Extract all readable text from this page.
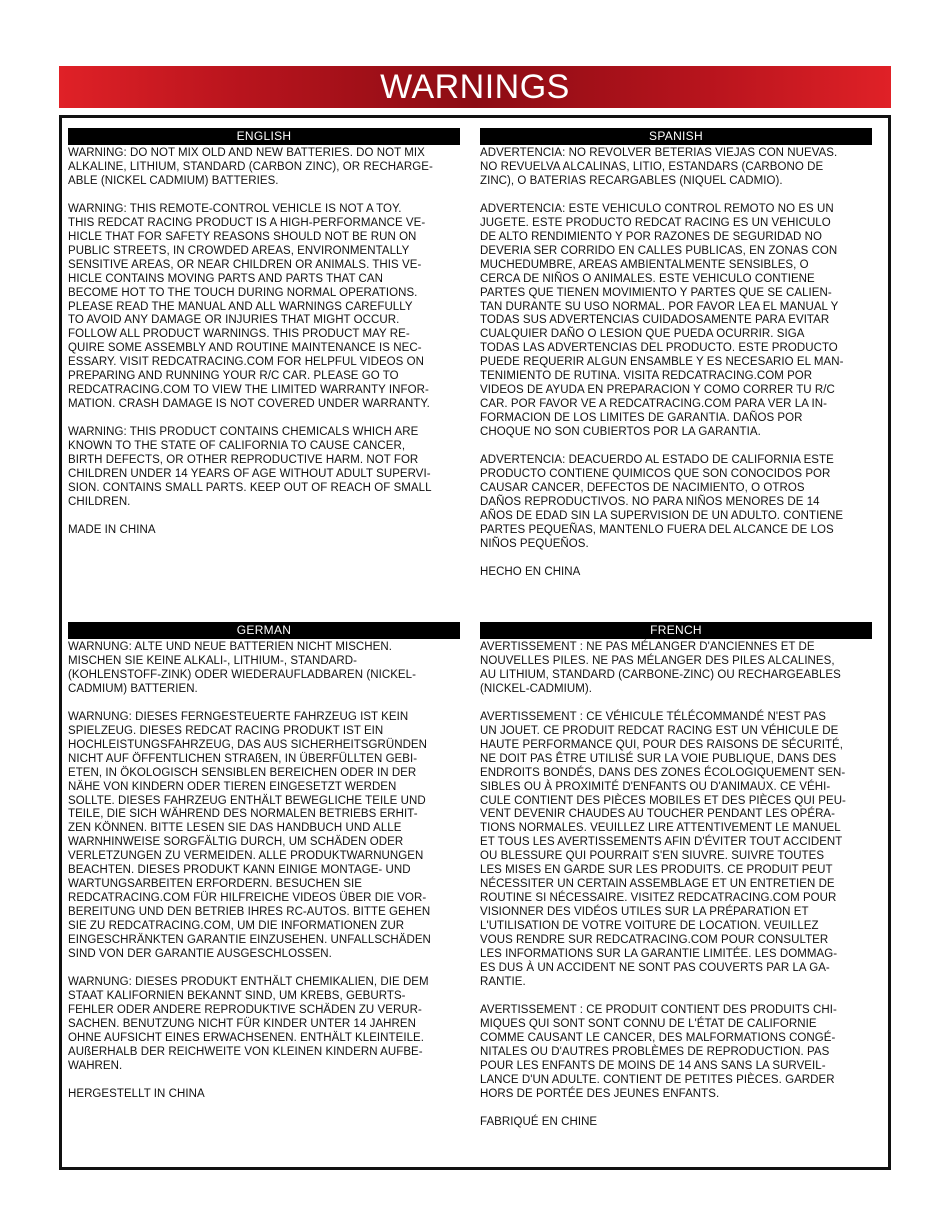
WARNINGS
ENGLISH
WARNING: DO NOT MIX OLD AND NEW BATTERIES. DO NOT MIX
ALKALINE, LITHIUM, STANDARD (CARBON ZINC), OR RECHARGE-
ABLE (NICKEL CADMIUM) BATTERIES.
WARNING: THIS REMOTE-CONTROL VEHICLE IS NOT A TOY.
THIS REDCAT RACING PRODUCT IS A HIGH-PERFORMANCE VE-
HICLE THAT FOR SAFETY REASONS SHOULD NOT BE RUN ON
PUBLIC STREETS, IN CROWDED AREAS, ENVIRONMENTALLY
SENSITIVE AREAS, OR NEAR CHILDREN OR ANIMALS. THIS VE-
HICLE CONTAINS MOVING PARTS AND PARTS THAT CAN
BECOME HOT TO THE TOUCH DURING NORMAL OPERATIONS.
PLEASE READ THE MANUAL AND ALL WARNINGS CAREFULLY
TO AVOID ANY DAMAGE OR INJURIES THAT MIGHT OCCUR.
FOLLOW ALL PRODUCT WARNINGS. THIS PRODUCT MAY RE-
QUIRE SOME ASSEMBLY AND ROUTINE MAINTENANCE IS NEC-
ESSARY. VISIT REDCATRACING.COM FOR HELPFUL VIDEOS ON
PREPARING AND RUNNING YOUR R/C CAR. PLEASE GO TO
REDCATRACING.COM TO VIEW THE LIMITED WARRANTY INFOR-
MATION. CRASH DAMAGE IS NOT COVERED UNDER WARRANTY.
WARNING: THIS PRODUCT CONTAINS CHEMICALS WHICH ARE
KNOWN TO THE STATE OF CALIFORNIA TO CAUSE CANCER,
BIRTH DEFECTS, OR OTHER REPRODUCTIVE HARM. NOT FOR
CHILDREN UNDER 14 YEARS OF AGE WITHOUT ADULT SUPERVI-
SION. CONTAINS SMALL PARTS. KEEP OUT OF REACH OF SMALL
CHILDREN.
MADE IN CHINA
SPANISH
ADVERTENCIA: NO REVOLVER BETERIAS VIEJAS CON NUEVAS.
NO REVUELVA ALCALINAS, LITIO, ESTANDARS (CARBONO DE
ZINC), O BATERIAS RECARGABLES (NIQUEL CADMIO).
ADVERTENCIA: ESTE VEHICULO CONTROL REMOTO NO ES UN
JUGETE. ESTE PRODUCTO REDCAT RACING ES UN VEHICULO
DE ALTO RENDIMIENTO Y POR RAZONES DE SEGURIDAD NO
DEVERIA SER CORRIDO EN CALLES PUBLICAS, EN ZONAS CON
MUCHEDUMBRE, AREAS AMBIENTALMENTE SENSIBLES, O
CERCA DE NIÑOS O ANIMALES. ESTE VEHICULO CONTIENE
PARTES QUE TIENEN MOVIMIENTO Y PARTES QUE SE CALIEN-
TAN DURANTE SU USO NORMAL. POR FAVOR LEA EL MANUAL Y
TODAS SUS ADVERTENCIAS CUIDADOSAMENTE PARA EVITAR
CUALQUIER DAÑO O LESION QUE PUEDA OCURRIR. SIGA
TODAS LAS ADVERTENCIAS DEL PRODUCTO. ESTE PRODUCTO
PUEDE REQUERIR ALGUN ENSAMBLE Y ES NECESARIO EL MAN-
TENIMIENTO DE RUTINA. VISITA REDCATRACING.COM POR
VIDEOS DE AYUDA EN PREPARACION Y COMO CORRER TU R/C
CAR. POR FAVOR VE A REDCATRACING.COM PARA VER LA IN-
FORMACION DE LOS LIMITES DE GARANTIA. DAÑOS POR
CHOQUE NO SON CUBIERTOS POR LA GARANTIA.
ADVERTENCIA: DEACUERDO AL ESTADO DE CALIFORNIA ESTE
PRODUCTO CONTIENE QUIMICOS QUE SON CONOCIDOS POR
CAUSAR CANCER, DEFECTOS DE NACIMIENTO, O OTROS
DAÑOS REPRODUCTIVOS. NO PARA NIÑOS MENORES DE 14
AÑOS DE EDAD SIN LA SUPERVISION DE UN ADULTO. CONTIENE
PARTES PEQUEÑAS, MANTENLO FUERA DEL ALCANCE DE LOS
NIÑOS PEQUEÑOS.
HECHO EN CHINA
GERMAN
WARNUNG: ALTE UND NEUE BATTERIEN NICHT MISCHEN.
MISCHEN SIE KEINE ALKALI-, LITHIUM-, STANDARD-
(KOHLENSTOFF-ZINK) ODER WIEDERAUFLADBAREN (NICKEL-
CADMIUM) BATTERIEN.
WARNUNG: DIESES FERNGESTEUERTE FAHRZEUG IST KEIN
SPIELZEUG. DIESES REDCAT RACING PRODUKT IST EIN
HOCHLEISTUNGSFAHRZEUG, DAS AUS SICHERHEITSGRÜNDEN
NICHT AUF ÖFFENTLICHEN STRAßEN, IN ÜBERFÜLLTEN GEBI-
ETEN, IN ÖKOLOGISCH SENSIBLEN BEREICHEN ODER IN DER
NÄHE VON KINDERN ODER TIEREN EINGESETZT WERDEN
SOLLTE. DIESES FAHRZEUG ENTHÄLT BEWEGLICHE TEILE UND
TEILE, DIE SICH WÄHREND DES NORMALEN BETRIEBS ERHIT-
ZEN KÖNNEN. BITTE LESEN SIE DAS HANDBUCH UND ALLE
WARNHINWEISE SORGFÄLTIG DURCH, UM SCHÄDEN ODER
VERLETZUNGEN ZU VERMEIDEN. ALLE PRODUKTWARNUNGEN
BEACHTEN. DIESES PRODUKT KANN EINIGE MONTAGE- UND
WARTUNGSARBEITEN ERFORDERN. BESUCHEN SIE
REDCATRACING.COM FÜR HILFREICHE VIDEOS ÜBER DIE VOR-
BEREITUNG UND DEN BETRIEB IHRES RC-AUTOS. BITTE GEHEN
SIE ZU REDCATRACING.COM, UM DIE INFORMATIONEN ZUR
EINGESCHRÄNKTEN GARANTIE EINZUSEHEN. UNFALLSCHÄDEN
SIND VON DER GARANTIE AUSGESCHLOSSEN.
WARNUNG: DIESES PRODUKT ENTHÄLT CHEMIKALIEN, DIE DEM
STAAT KALIFORNIEN BEKANNT SIND, UM KREBS, GEBURTS-
FEHLER ODER ANDERE REPRODUKTIVE SCHÄDEN ZU VERUR-
SACHEN. BENUTZUNG NICHT FÜR KINDER UNTER 14 JAHREN
OHNE AUFSICHT EINES ERWACHSENEN. ENTHÄLT KLEINTEILE.
AUßERHALB DER REICHWEITE VON KLEINEN KINDERN AUFBE-
WAHREN.
HERGESTELLT IN CHINA
FRENCH
AVERTISSEMENT : NE PAS MÉLANGER D'ANCIENNES ET DE
NOUVELLES PILES. NE PAS MÉLANGER DES PILES ALCALINES,
AU LITHIUM, STANDARD (CARBONE-ZINC) OU RECHARGEABLES
(NICKEL-CADMIUM).
AVERTISSEMENT : CE VÉHICULE TÉLÉCOMMANDÉ N'EST PAS
UN JOUET. CE PRODUIT REDCAT RACING EST UN VÉHICULE DE
HAUTE PERFORMANCE QUI, POUR DES RAISONS DE SÉCURITÉ,
NE DOIT PAS ÊTRE UTILISÉ SUR LA VOIE PUBLIQUE, DANS DES
ENDROITS BONDÉS, DANS DES ZONES ÉCOLOGIQUEMENT SEN-
SIBLES OU À PROXIMITÉ D'ENFANTS OU D'ANIMAUX. CE VÉHI-
CULE CONTIENT DES PIÈCES MOBILES ET DES PIÈCES QUI PEU-
VENT DEVENIR CHAUDES AU TOUCHER PENDANT LES OPÉRA-
TIONS NORMALES. VEUILLEZ LIRE ATTENTIVEMENT LE MANUEL
ET TOUS LES AVERTISSEMENTS AFIN D'ÉVITER TOUT ACCIDENT
OU BLESSURE QUI POURRAIT S'EN SIUVRE. SUIVRE TOUTES
LES MISES EN GARDE SUR LES PRODUITS. CE PRODUIT PEUT
NÉCESSITER UN CERTAIN ASSEMBLAGE ET UN ENTRETIEN DE
ROUTINE SI NÉCESSAIRE. VISITEZ REDCATRACING.COM POUR
VISIONNER DES VIDÉOS UTILES SUR LA PRÉPARATION ET
L'UTILISATION DE VOTRE VOITURE DE LOCATION. VEUILLEZ
VOUS RENDRE SUR REDCATRACING.COM POUR CONSULTER
LES INFORMATIONS SUR LA GARANTIE LIMITÉE. LES DOMMAG-
ES DUS À UN ACCIDENT NE SONT PAS COUVERTS PAR LA GA-
RANTIE.
AVERTISSEMENT : CE PRODUIT CONTIENT DES PRODUITS CHI-
MIQUES QUI SONT SONT CONNU DE L'ÉTAT DE CALIFORNIE
COMME CAUSANT LE CANCER, DES MALFORMATIONS CONGÉ-
NITALES OU D'AUTRES PROBLÈMES DE REPRODUCTION. PAS
POUR LES ENFANTS DE MOINS DE 14 ANS SANS LA SURVEIL-
LANCE D'UN ADULTE. CONTIENT DE PETITES PIÈCES. GARDER
HORS DE PORTÉE DES JEUNES ENFANTS.
FABRIQUÉ EN CHINE
